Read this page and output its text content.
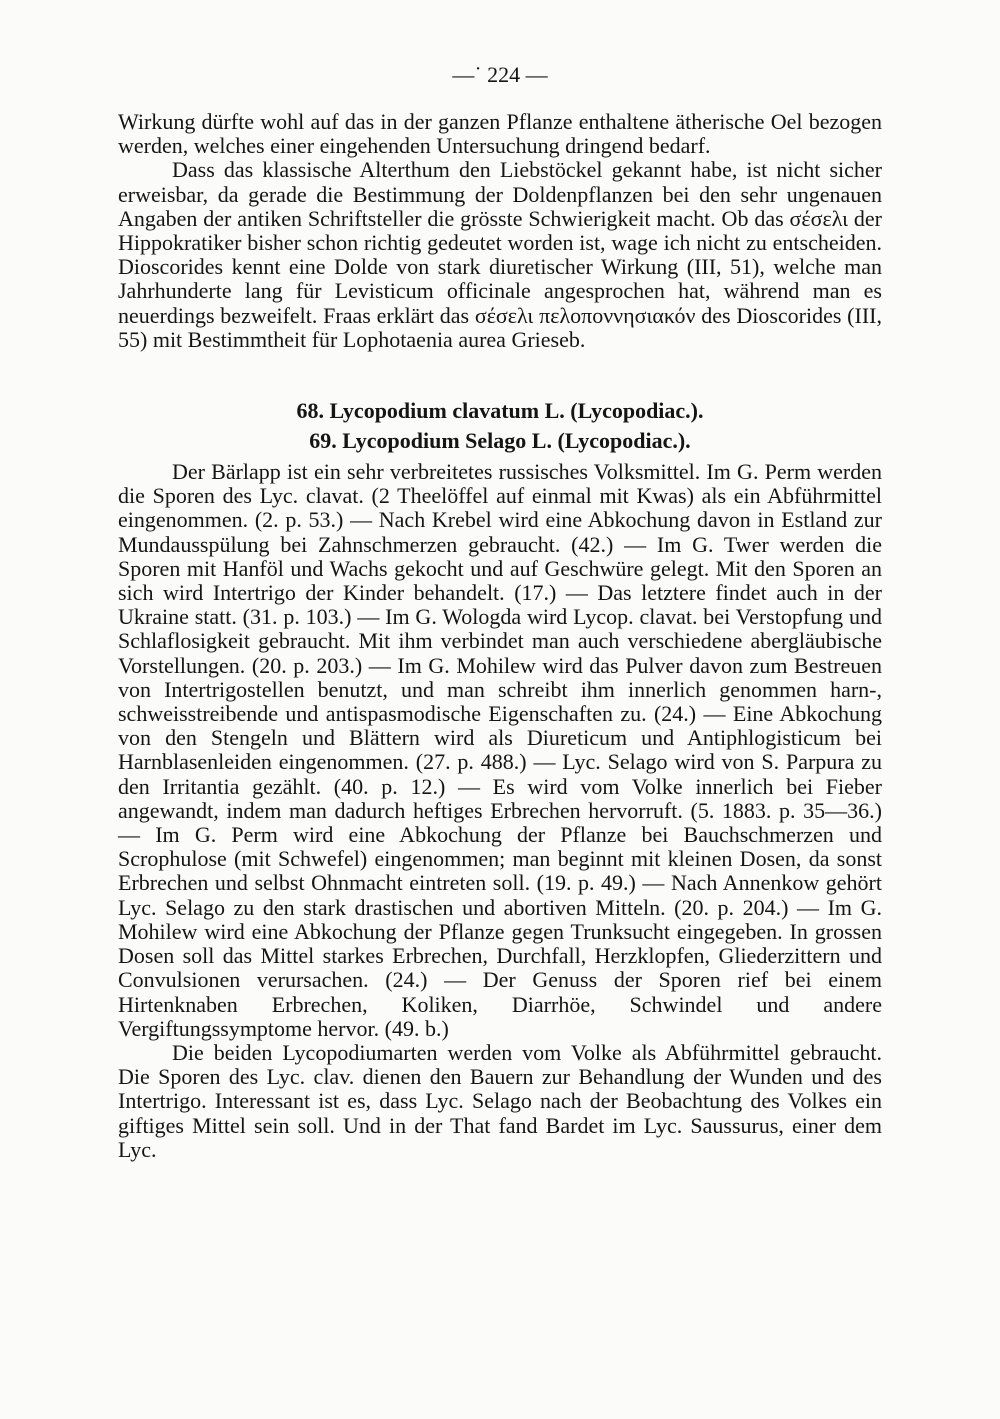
—˙ 224 —

Wirkung dürfte wohl auf das in der ganzen Pflanze enthaltene ätherische Oel bezogen werden, welches einer eingehenden Untersuchung dringend bedarf.

Dass das klassische Alterthum den Liebstöckel gekannt habe, ist nicht sicher erweisbar, da gerade die Bestimmung der Doldenpflanzen bei den sehr ungenauen Angaben der antiken Schriftsteller die grösste Schwierigkeit macht. Ob das σέσελι der Hippokratiker bisher schon richtig gedeutet worden ist, wage ich nicht zu entscheiden. Dioscorides kennt eine Dolde von stark diuretischer Wirkung (III, 51), welche man Jahrhunderte lang für Levisticum officinale angesprochen hat, während man es neuerdings bezweifelt. Fraas erklärt das σέσελι πελοποννησιακόν des Dioscorides (III, 55) mit Bestimmtheit für Lophotaenia aurea Grieseb.

68. Lycopodium clavatum L. (Lycopodiac.).

69. Lycopodium Selago L. (Lycopodiac.).

Der Bärlapp ist ein sehr verbreitetes russisches Volksmittel. Im G. Perm werden die Sporen des Lyc. clavat. (2 Theelöffel auf einmal mit Kwas) als ein Abführmittel eingenommen. (2. p. 53.) — Nach Krebel wird eine Abkochung davon in Estland zur Mundausspülung bei Zahnschmerzen gebraucht. (42.) — Im G. Twer werden die Sporen mit Hanföl und Wachs gekocht und auf Geschwüre gelegt. Mit den Sporen an sich wird Intertrigo der Kinder behandelt. (17.) — Das letztere findet auch in der Ukraine statt. (31. p. 103.) — Im G. Wologda wird Lycop. clavat. bei Verstopfung und Schlaflosigkeit gebraucht. Mit ihm verbindet man auch verschiedene abergläubische Vorstellungen. (20. p. 203.) — Im G. Mohilew wird das Pulver davon zum Bestreuen von Intertrigostellen benutzt, und man schreibt ihm innerlich genommen harn-, schweisstreibende und antispasmodische Eigenschaften zu. (24.) — Eine Abkochung von den Stengeln und Blättern wird als Diureticum und Antiphlogisticum bei Harnblasenleiden eingenommen. (27. p. 488.) — Lyc. Selago wird von S. Parpura zu den Irritantia gezählt. (40. p. 12.) — Es wird vom Volke innerlich bei Fieber angewandt, indem man dadurch heftiges Erbrechen hervorruft. (5. 1883. p. 35—36.) — Im G. Perm wird eine Abkochung der Pflanze bei Bauchschmerzen und Scrophulose (mit Schwefel) eingenommen; man beginnt mit kleinen Dosen, da sonst Erbrechen und selbst Ohnmacht eintreten soll. (19. p. 49.) — Nach Annenkow gehört Lyc. Selago zu den stark drastischen und abortiven Mitteln. (20. p. 204.) — Im G. Mohilew wird eine Abkochung der Pflanze gegen Trunksucht eingegeben. In grossen Dosen soll das Mittel starkes Erbrechen, Durchfall, Herzklopfen, Gliederzittern und Convulsionen verursachen. (24.) — Der Genuss der Sporen rief bei einem Hirtenknaben Erbrechen, Koliken, Diarrhöe, Schwindel und andere Vergiftungssymptome hervor. (49. b.)

Die beiden Lycopodiumarten werden vom Volke als Abführmittel gebraucht. Die Sporen des Lyc. clav. dienen den Bauern zur Behandlung der Wunden und des Intertrigo. Interessant ist es, dass Lyc. Selago nach der Beobachtung des Volkes ein giftiges Mittel sein soll. Und in der That fand Bardet im Lyc. Saussurus, einer dem Lyc.
